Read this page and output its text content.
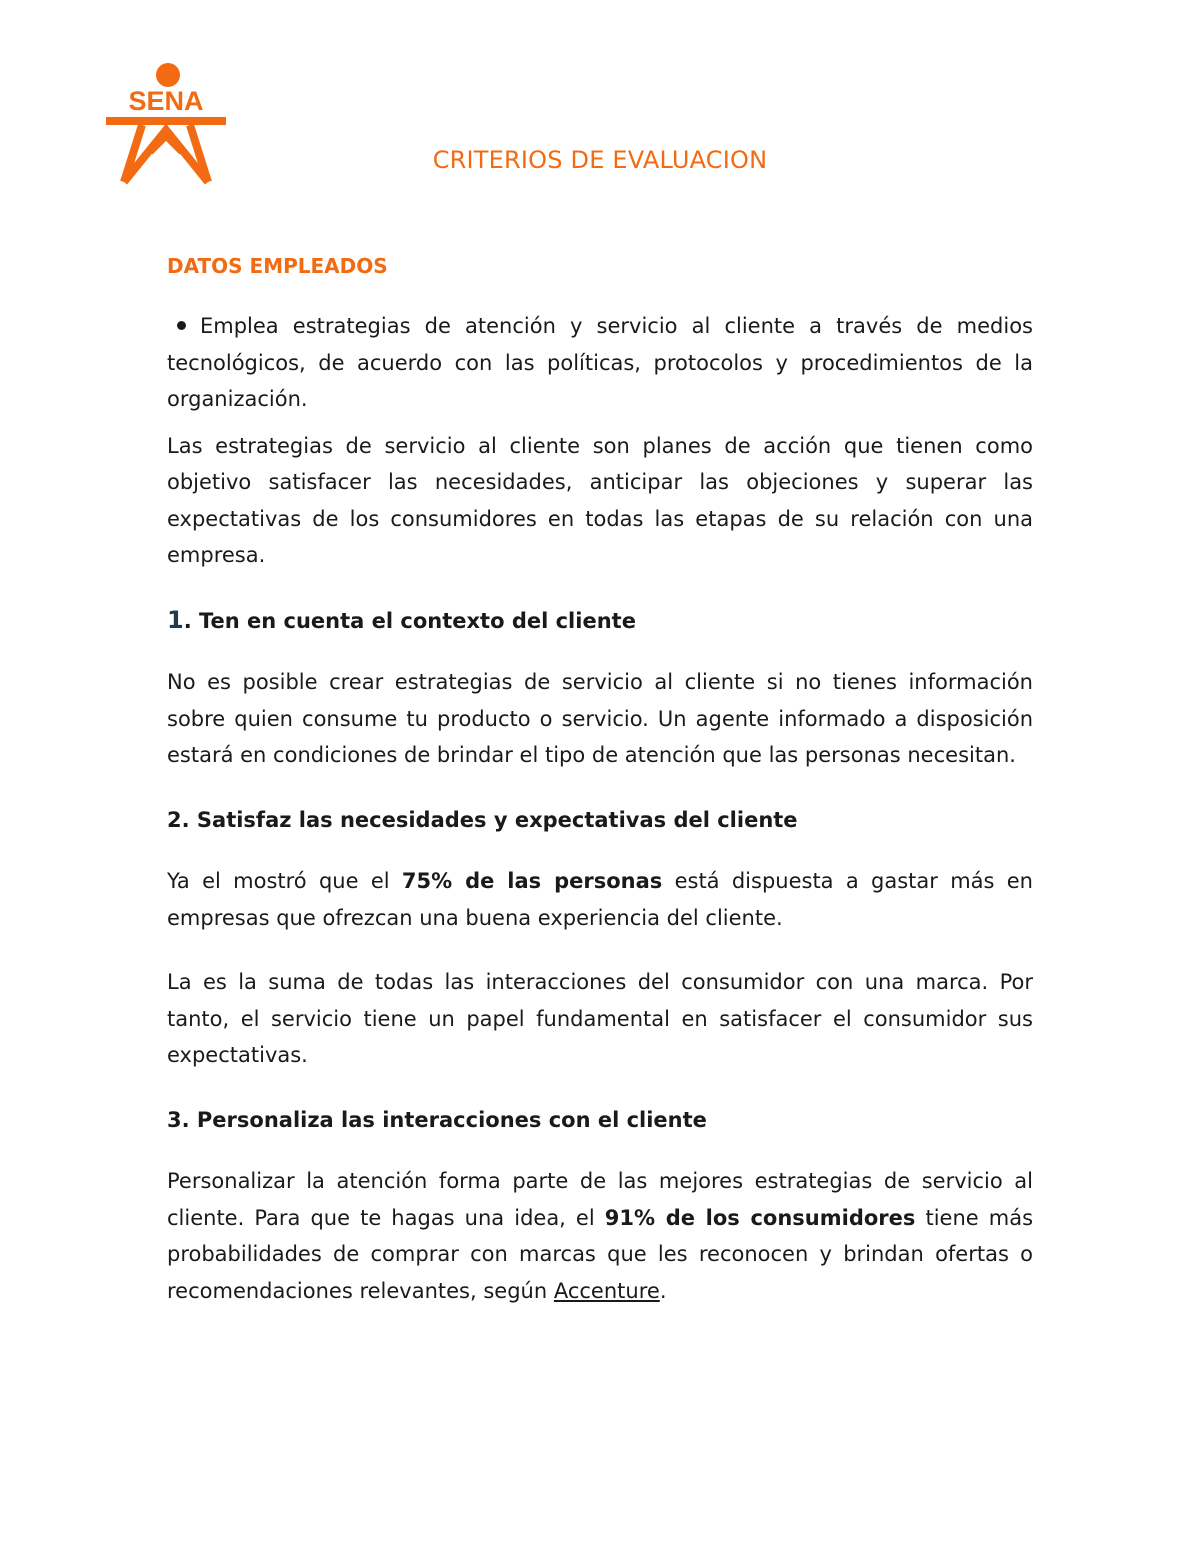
SENA
CRITERIOS DE EVALUACION
DATOS EMPLEADOS

Emplea estrategias de atención y servicio al cliente a través de medios tecnológicos, de acuerdo con las políticas, protocolos y procedimientos de la organización.

Las estrategias de servicio al cliente son planes de acción que tienen como objetivo satisfacer las necesidades, anticipar las objeciones y superar las expectativas de los consumidores en todas las etapas de su relación con una empresa.

1. Ten en cuenta el contexto del cliente

No es posible crear estrategias de servicio al cliente si no tienes información sobre quien consume tu producto o servicio. Un agente informado a disposición estará en condiciones de brindar el tipo de atención que las personas necesitan.

2. Satisfaz las necesidades y expectativas del cliente

Ya el mostró que el 75% de las personas está dispuesta a gastar más en empresas que ofrezcan una buena experiencia del cliente.

La es la suma de todas las interacciones del consumidor con una marca. Por tanto, el servicio tiene un papel fundamental en satisfacer el consumidor sus expectativas.

3. Personaliza las interacciones con el cliente

Personalizar la atención forma parte de las mejores estrategias de servicio al cliente. Para que te hagas una idea, el 91% de los consumidores tiene más probabilidades de comprar con marcas que les reconocen y brindan ofertas o recomendaciones relevantes, según Accenture.
